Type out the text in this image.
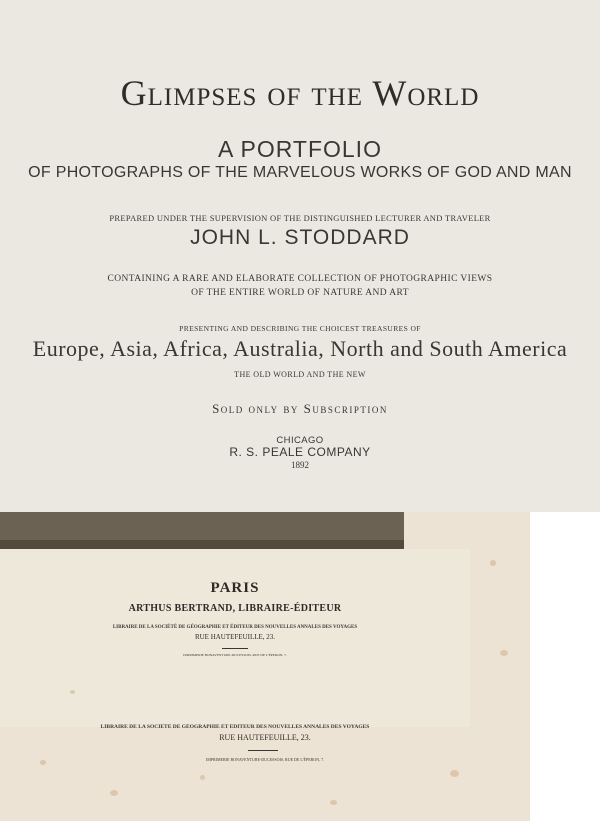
Glimpses of the World
A PORTFOLIO
OF PHOTOGRAPHS OF THE MARVELOUS WORKS OF GOD AND MAN
PREPARED UNDER THE SUPERVISION OF THE DISTINGUISHED LECTURER AND TRAVELER
JOHN L. STODDARD
CONTAINING A RARE AND ELABORATE COLLECTION OF PHOTOGRAPHIC VIEWS
OF THE ENTIRE WORLD OF NATURE AND ART
PRESENTING AND DESCRIBING THE CHOICEST TREASURES OF
Europe, Asia, Africa, Australia, North and South America
THE OLD WORLD AND THE NEW
Sold only by Subscription
CHICAGO
R. S. PEALE COMPANY
1892
PARIS
ARTHUS BERTRAND, LIBRAIRE-ÉDITEUR
LIBRAIRE DE LA SOCIÉTÉ DE GÉOGRAPHIE ET ÉDITEUR DES NOUVELLES ANNALES DES VOYAGES
RUE HAUTEFEUILLE, 23.
IMPRIMERIE BONAVENTURE-DUCESSOIS, RUE DE L'ÉPERON, 7.
LIBRAIRE DE LA SOCIÉTÉ DE GÉOGRAPHIE ET ÉDITEUR DES NOUVELLES ANNALES DES VOYAGES
RUE HAUTEFEUILLE, 23.
IMPRIMERIE BONAVENTURE-DUCESSOIS, RUE DE L'ÉPERON, 7.
